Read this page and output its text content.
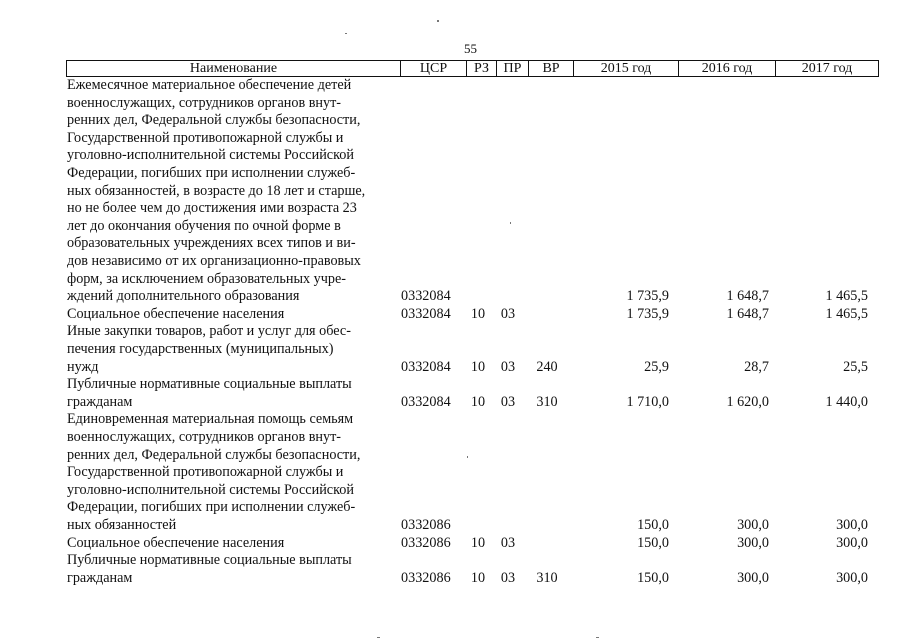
55
Наименование	ЦСР	РЗ	ПР	ВР	2015 год	2016 год	2017 год
Ежемесячное материальное обеспечение детей
военнослужащих, сотрудников органов внут-
ренних дел, Федеральной службы безопасности,
Государственной противопожарной службы и
уголовно-исполнительной системы Российской
Федерации, погибших при исполнении служеб-
ных обязанностей, в возрасте до 18 лет и старше,
но не более чем до достижения ими возраста 23
лет до окончания обучения по очной форме в
образовательных учреждениях всех типов и ви-
дов независимо от их организационно-правовых
форм, за исключением образовательных учре-
ждений дополнительного образования	0332084	1 735,9	1 648,7	1 465,5
Социальное обеспечение населения	0332084 10 03	1 735,9	1 648,7	1 465,5
Иные закупки товаров, работ и услуг для обес-
печения государственных (муниципальных)
нужд	0332084 10 03	240	25,9	28,7	25,5
Публичные нормативные социальные выплаты
гражданам	0332084 10 03	310	1 710,0	1 620,0	1 440,0
Единовременная материальная помощь семьям
военнослужащих, сотрудников органов внут-
ренних дел, Федеральной службы безопасности,
Государственной противопожарной службы и
уголовно-исполнительной системы Российской
Федерации, погибших при исполнении служеб-
ных обязанностей	0332086	150,0	300,0	300,0
Социальное обеспечение населения	0332086 10 03	150,0	300,0	300,0
Публичные нормативные социальные выплаты
гражданам	0332086 10 03	310	150,0	300,0	300,0
